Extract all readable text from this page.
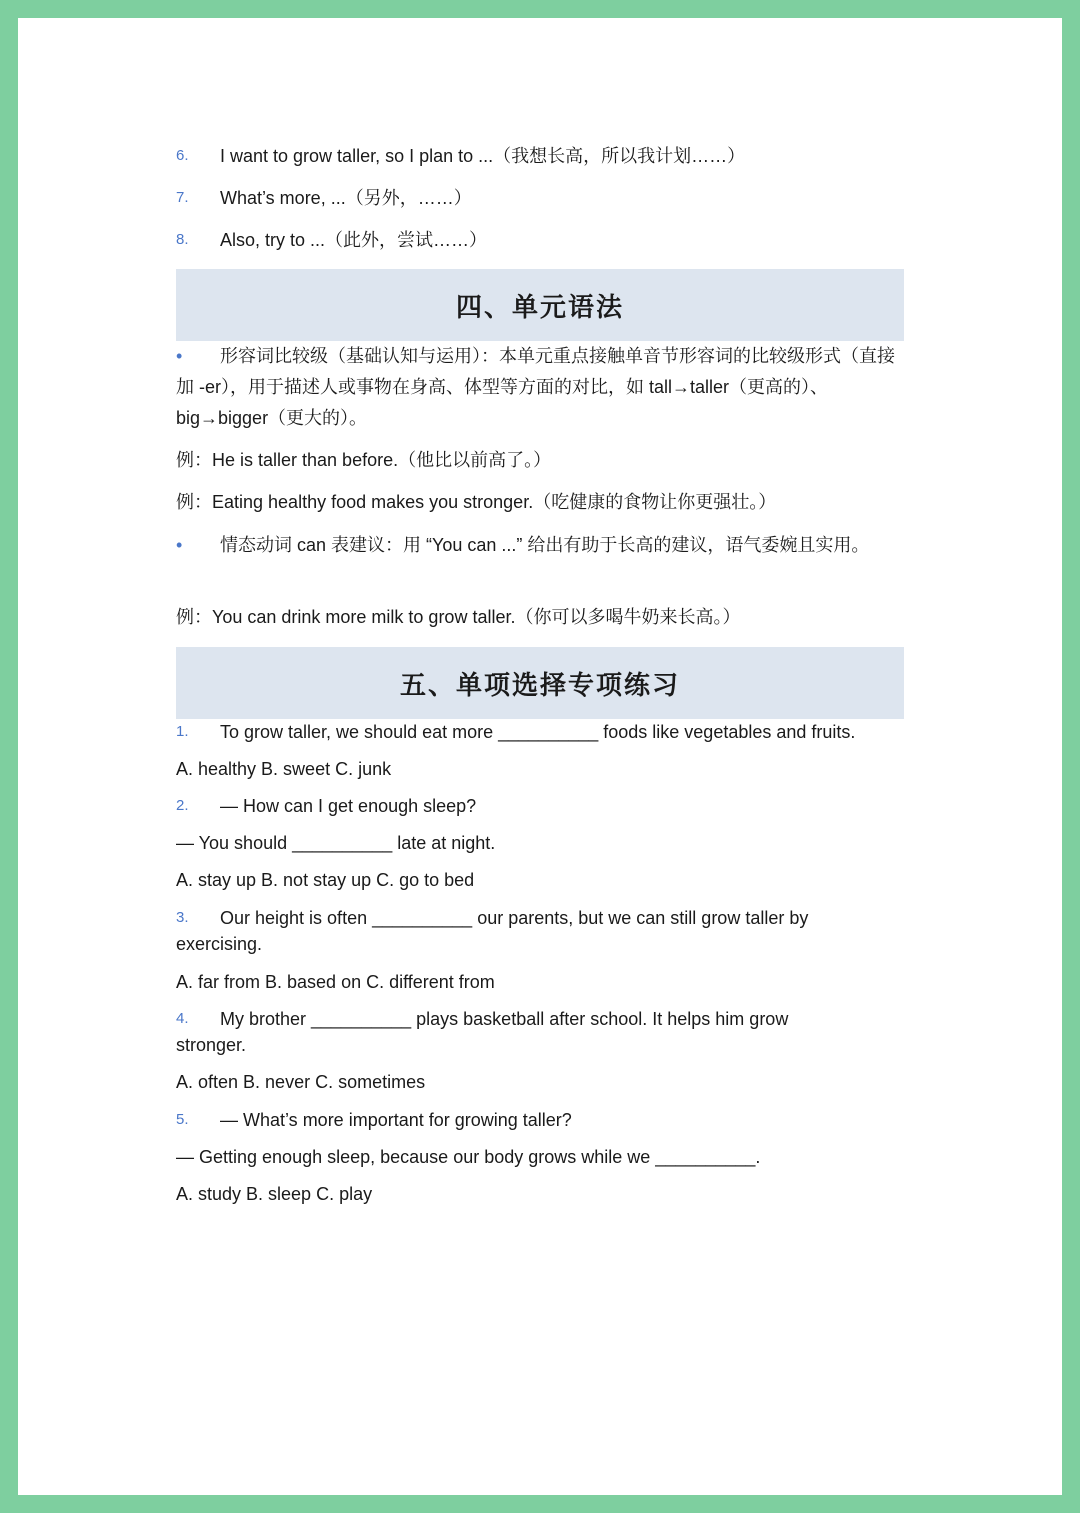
6. I want to grow taller, so I plan to ...（我想长高，所以我计划……）
7. What’s more, ...（另外，……）
8. Also, try to ...（此外，尝试……）
四、单元语法
• 形容词比较级（基础认知与运用）：本单元重点接触单音节形容词的比较级形式（直接加 -er），用于描述人或事物在身高、体型等方面的对比，如 tall→taller（更高的）、big→bigger（更大的）。
例：He is taller than before.（他比以前高了。）
例：Eating healthy food makes you stronger.（吃健康的食物让你更强壮。）
• 情态动词 can 表建议：用 “You can ...” 给出有助于长高的建议，语气委婉且实用。
例：You can drink more milk to grow taller.（你可以多喝牛奶来长高。）
五、单项选择专项练习
1. To grow taller, we should eat more __________ foods like vegetables and fruits.
A. healthy B. sweet C. junk
2. — How can I get enough sleep?
— You should __________ late at night.
A. stay up B. not stay up C. go to bed
3. Our height is often __________ our parents, but we can still grow taller by
exercising.
A. far from B. based on C. different from
4. My brother __________ plays basketball after school. It helps him grow
stronger.
A. often B. never C. sometimes
5. — What’s more important for growing taller?
— Getting enough sleep, because our body grows while we __________.
A. study B. sleep C. play
